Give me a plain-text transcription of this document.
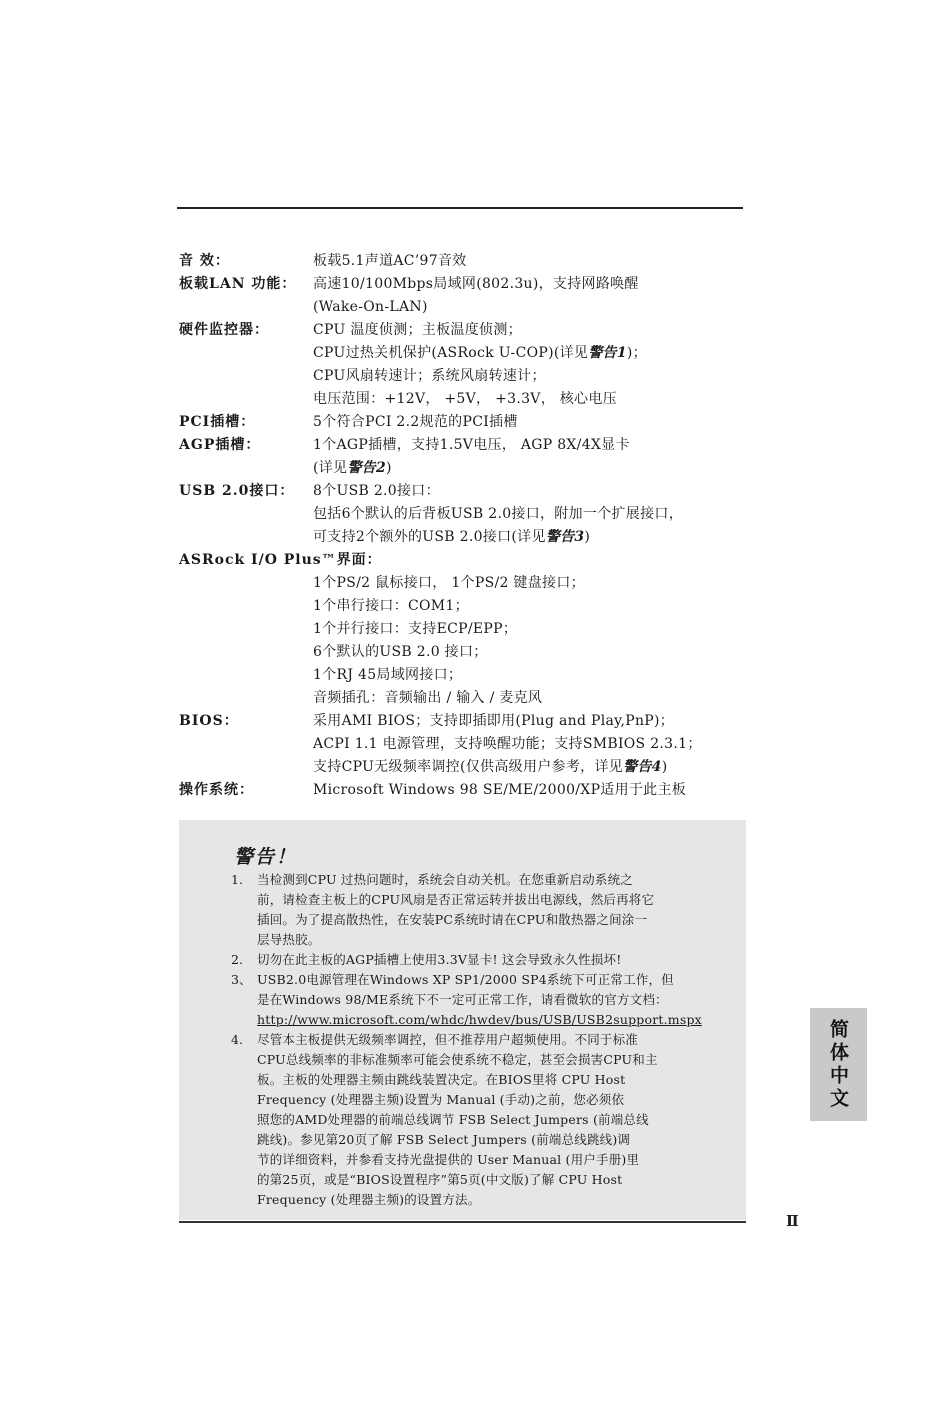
音 效：	板载5.1声道AC’97音效
板载LAN 功能：	高速10/100Mbps局域网(802.3u)，支持网路唤醒
(Wake-On-LAN)
硬件监控器：	CPU 温度侦测；主板温度侦测；
CPU过热关机保护(ASRock U-COP)(详见警告1)；
CPU风扇转速计；系统风扇转速计；
电压范围：+12V， +5V， +3.3V， 核心电压
PCI插槽：	5个符合PCI 2.2规范的PCI插槽
AGP插槽：	1个AGP插槽，支持1.5V电压， AGP 8X/4X显卡
(详见警告2)
USB 2.0接口：	8个USB 2.0接口：
包括6个默认的后背板USB 2.0接口，附加一个扩展接口，
可支持2个额外的USB 2.0接口(详见警告3)
ASRock I/O Plus™界面：
1个PS/2 鼠标接口， 1个PS/2 键盘接口；
1个串行接口：COM1；
1个并行接口：支持ECP/EPP；
6个默认的USB 2.0 接口；
1个RJ 45局域网接口；
音频插孔：音频输出 / 输入 / 麦克风
BIOS：	采用AMI BIOS；支持即插即用(Plug and Play,PnP)；
ACPI 1.1 电源管理，支持唤醒功能；支持SMBIOS 2.3.1；
支持CPU无级频率调控(仅供高级用户参考，详见警告4)
操作系统：	Microsoft Windows 98 SE/ME/2000/XP适用于此主板
警告！
1.	当检测到CPU 过热问题时，系统会自动关机。在您重新启动系统之
前，请检查主板上的CPU风扇是否正常运转并拔出电源线，然后再将它
插回。为了提高散热性，在安装PC系统时请在CPU和散热器之间涂一
层导热胶。
2.	切勿在此主板的AGP插槽上使用3.3V显卡! 这会导致永久性损坏!
3、 USB2.0电源管理在Windows XP SP1/2000 SP4系统下可正常工作，但
是在Windows 98/ME系统下不一定可正常工作，请看微软的官方文档：
http://www.microsoft.com/whdc/hwdev/bus/USB/USB2support.mspx
4.	尽管本主板提供无级频率调控，但不推荐用户超频使用。不同于标准
CPU总线频率的非标准频率可能会使系统不稳定，甚至会损害CPU和主
板。主板的处理器主频由跳线装置决定。在BIOS里将 CPU Host
Frequency (处理器主频)设置为 Manual (手动)之前，您必须依
照您的AMD处理器的前端总线调节 FSB Select Jumpers (前端总线
跳线)。参见第20页了解 FSB Select Jumpers (前端总线跳线)调
节的详细资料，并参看支持光盘提供的 User Manual (用户手册)里
的第25页，或是“BIOS设置程序”第5页(中文版)了解 CPU Host
Frequency (处理器主频)的设置方法。
简体中文
Ⅱ
